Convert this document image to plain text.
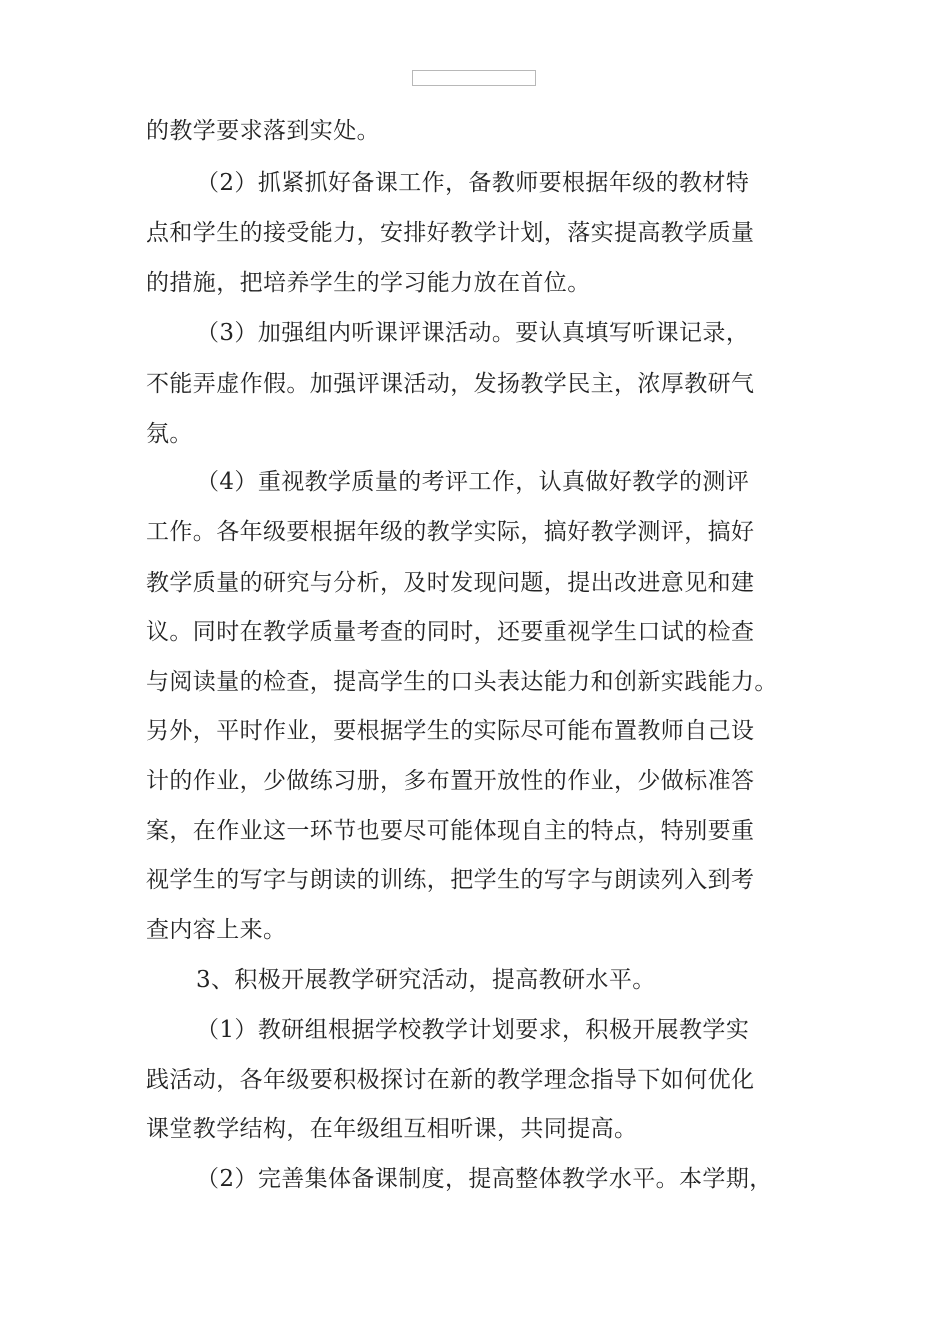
的教学要求落到实处。

（2）抓紧抓好备课工作，备教师要根据年级的教材特

点和学生的接受能力，安排好教学计划，落实提高教学质量

的措施，把培养学生的学习能力放在首位。

（3）加强组内听课评课活动。要认真填写听课记录，

不能弄虚作假。加强评课活动，发扬教学民主，浓厚教研气

氛。

（4）重视教学质量的考评工作，认真做好教学的测评

工作。各年级要根据年级的教学实际，搞好教学测评，搞好

教学质量的研究与分析，及时发现问题，提出改进意见和建

议。同时在教学质量考查的同时，还要重视学生口试的检查

与阅读量的检查，提高学生的口头表达能力和创新实践能力。

另外，平时作业，要根据学生的实际尽可能布置教师自己设

计的作业，少做练习册，多布置开放性的作业，少做标准答

案，在作业这一环节也要尽可能体现自主的特点，特别要重

视学生的写字与朗读的训练，把学生的写字与朗读列入到考

查内容上来。

3、积极开展教学研究活动，提高教研水平。

（1）教研组根据学校教学计划要求，积极开展教学实

践活动，各年级要积极探讨在新的教学理念指导下如何优化

课堂教学结构，在年级组互相听课，共同提高。

（2）完善集体备课制度，提高整体教学水平。本学期，
